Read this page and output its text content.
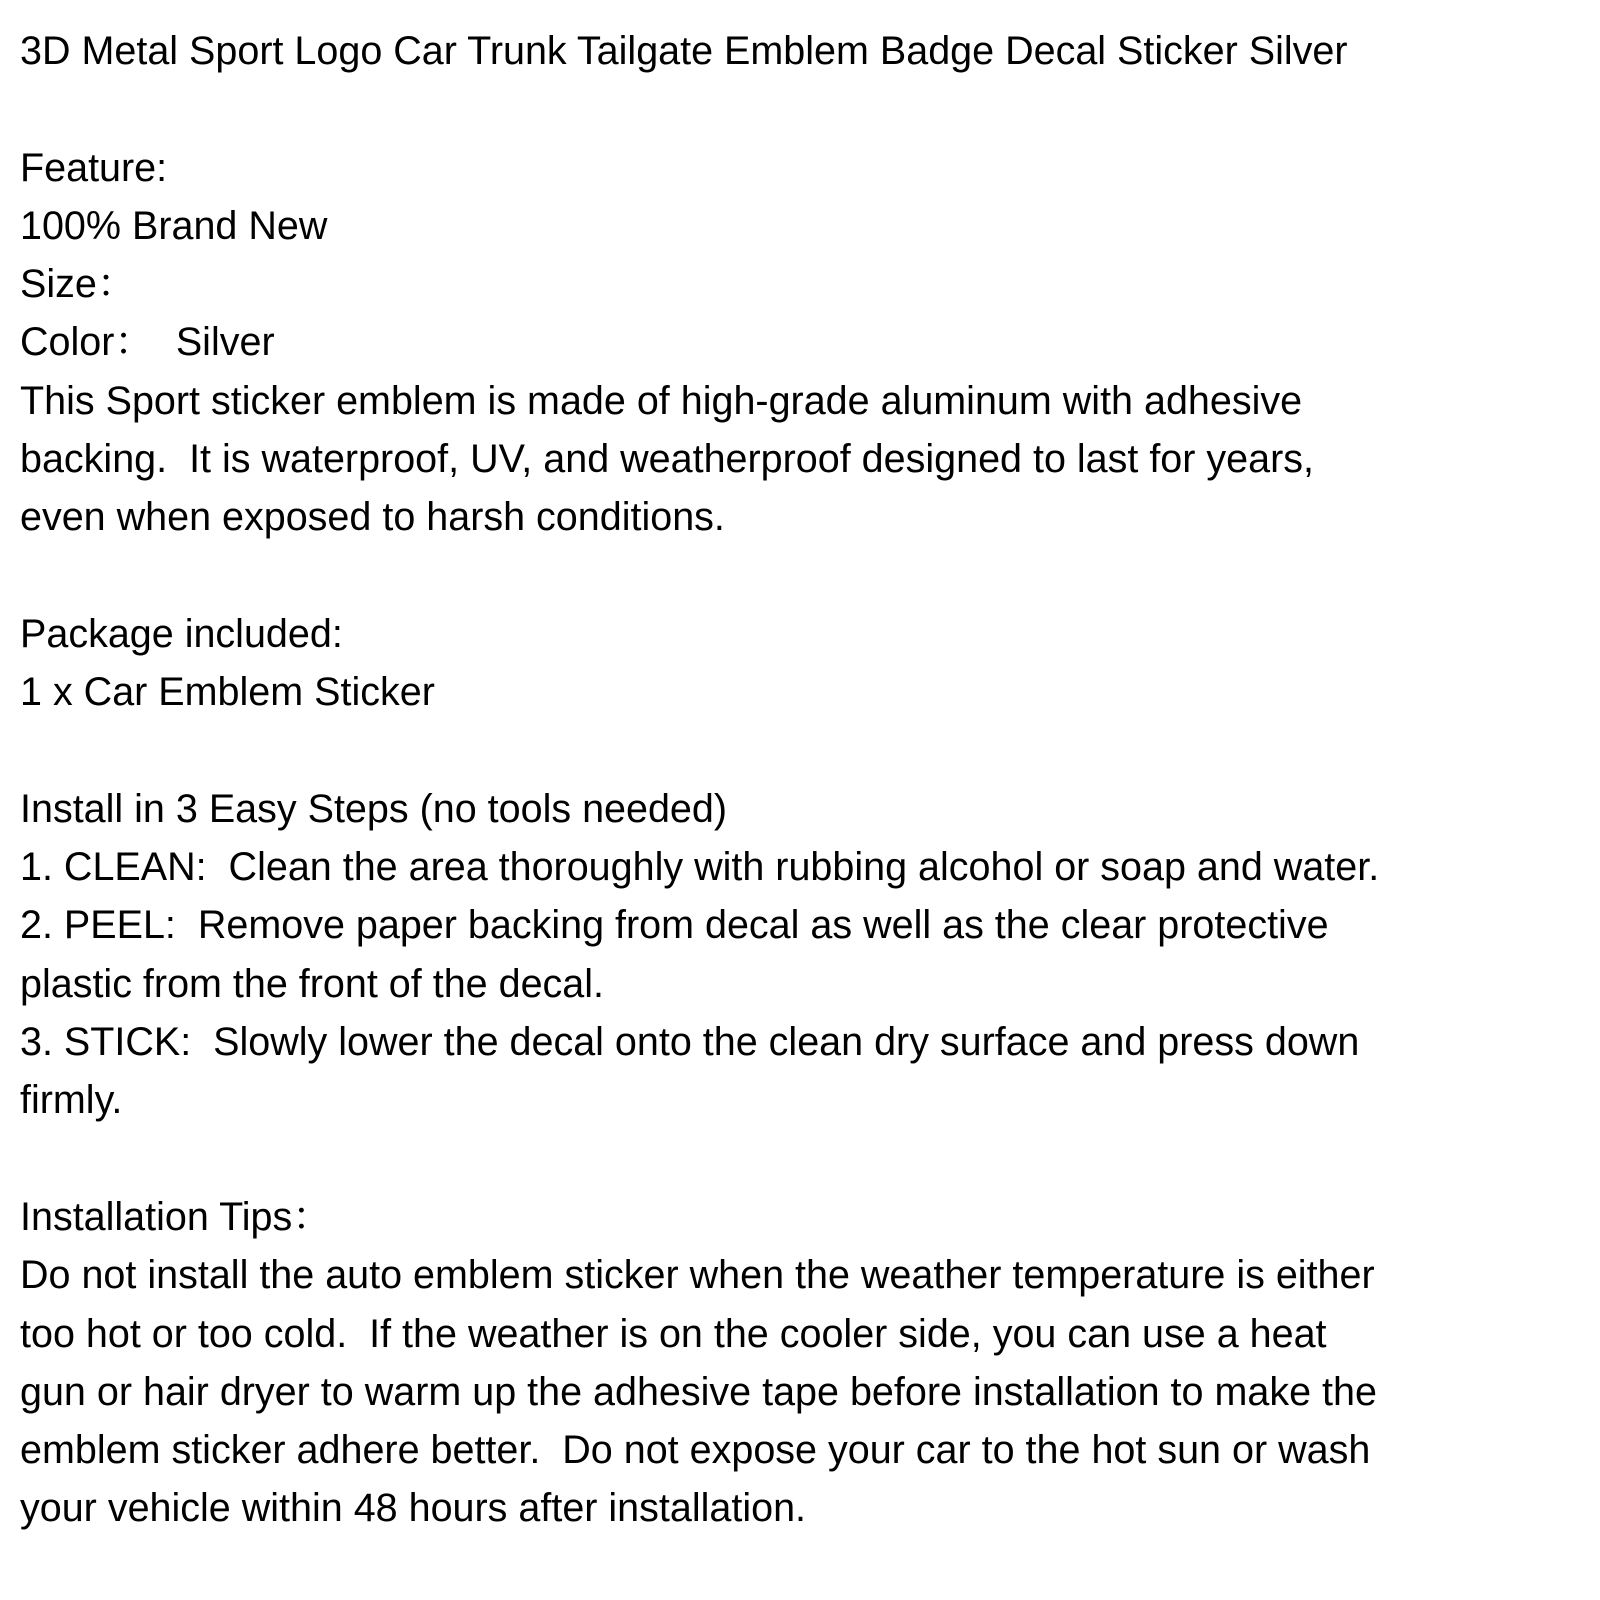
3D Metal Sport Logo Car Trunk Tailgate Emblem Badge Decal Sticker Silver
Feature:
100% Brand New
Size：
Color：  Silver
This Sport sticker emblem is made of high-grade aluminum with adhesive
backing.  It is waterproof, UV, and weatherproof designed to last for years,
even when exposed to harsh conditions.
Package included:
1 x Car Emblem Sticker
Install in 3 Easy Steps (no tools needed)
1. CLEAN:  Clean the area thoroughly with rubbing alcohol or soap and water.
2. PEEL:  Remove paper backing from decal as well as the clear protective
plastic from the front of the decal.
3. STICK:  Slowly lower the decal onto the clean dry surface and press down
firmly.
Installation Tips：
Do not install the auto emblem sticker when the weather temperature is either
too hot or too cold.  If the weather is on the cooler side, you can use a heat
gun or hair dryer to warm up the adhesive tape before installation to make the
emblem sticker adhere better.  Do not expose your car to the hot sun or wash
your vehicle within 48 hours after installation.
